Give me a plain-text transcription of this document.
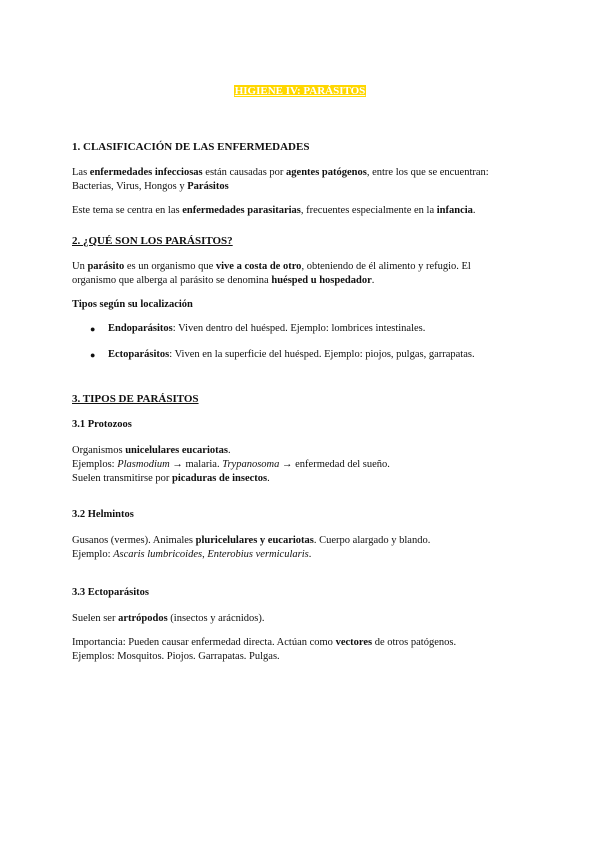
HIGIENE IV: PARÁSITOS
1. CLASIFICACIÓN DE LAS ENFERMEDADES
Las enfermedades infecciosas están causadas por agentes patógenos, entre los que se encuentran:
Bacterias, Virus, Hongos y Parásitos
Este tema se centra en las enfermedades parasitarias, frecuentes especialmente en la infancia.
2. ¿QUÉ SON LOS PARÁSITOS?
Un parásito es un organismo que vive a costa de otro, obteniendo de él alimento y refugio. El
organismo que alberga al parásito se denomina huésped u hospedador.
Tipos según su localización
● Endoparásitos: Viven dentro del huésped. Ejemplo: lombrices intestinales.
● Ectoparásitos: Viven en la superficie del huésped. Ejemplo: piojos, pulgas, garrapatas.
3. TIPOS DE PARÁSITOS
3.1 Protozoos
Organismos unicelulares eucariotas.
Ejemplos: Plasmodium → malaria. Trypanosoma → enfermedad del sueño.
Suelen transmitirse por picaduras de insectos.
3.2 Helmintos
Gusanos (vermes). Animales pluricelulares y eucariotas. Cuerpo alargado y blando.
Ejemplo: Ascaris lumbricoides, Enterobius vermicularis.
3.3 Ectoparásitos
Suelen ser artrópodos (insectos y arácnidos).
Importancia: Pueden causar enfermedad directa. Actúan como vectores de otros patógenos.
Ejemplos: Mosquitos. Piojos. Garrapatas. Pulgas.
